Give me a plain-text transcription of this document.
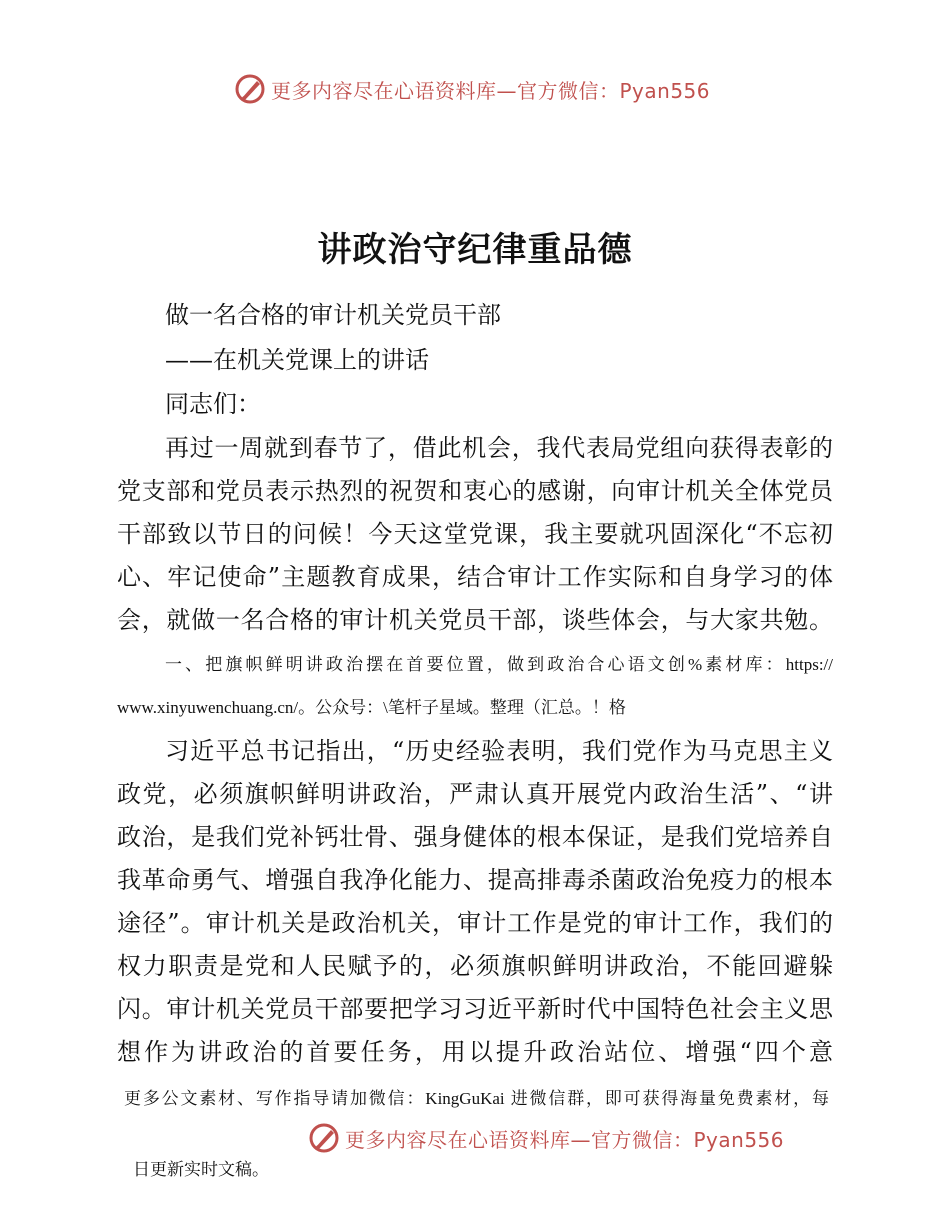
更多内容尽在心语资料库—官方微信：Pyan556
讲政治守纪律重品德
做一名合格的审计机关党员干部
——在机关党课上的讲话
同志们：
再过一周就到春节了，借此机会，我代表局党组向获得表彰的
党支部和党员表示热烈的祝贺和衷心的感谢，向审计机关全体党员
干部致以节日的问候！今天这堂党课，我主要就巩固深化“不忘初
心、牢记使命”主题教育成果，结合审计工作实际和自身学习的体
会，就做一名合格的审计机关党员干部，谈些体会，与大家共勉。
一、把旗帜鲜明讲政治摆在首要位置，做到政治合心语文创%素材库：https://
www.xinyuwenchuang.cn/。公众号：\笔杆子星域。整理（汇总。！格
习近平总书记指出，“历史经验表明，我们党作为马克思主义
政党，必须旗帜鲜明讲政治，严肃认真开展党内政治生活”、“讲
政治，是我们党补钙壮骨、强身健体的根本保证，是我们党培养自
我革命勇气、增强自我净化能力、提高排毒杀菌政治免疫力的根本
途径”。审计机关是政治机关，审计工作是党的审计工作，我们的
权力职责是党和人民赋予的，必须旗帜鲜明讲政治，不能回避躲
闪。审计机关党员干部要把学习习近平新时代中国特色社会主义思
想作为讲政治的首要任务，用以提升政治站位、增强“四个意
更多公文素材、写作指导请加微信：KingGuKai 进微信群，即可获得海量免费素材，每
更多内容尽在心语资料库—官方微信：Pyan556
日更新实时文稿。
